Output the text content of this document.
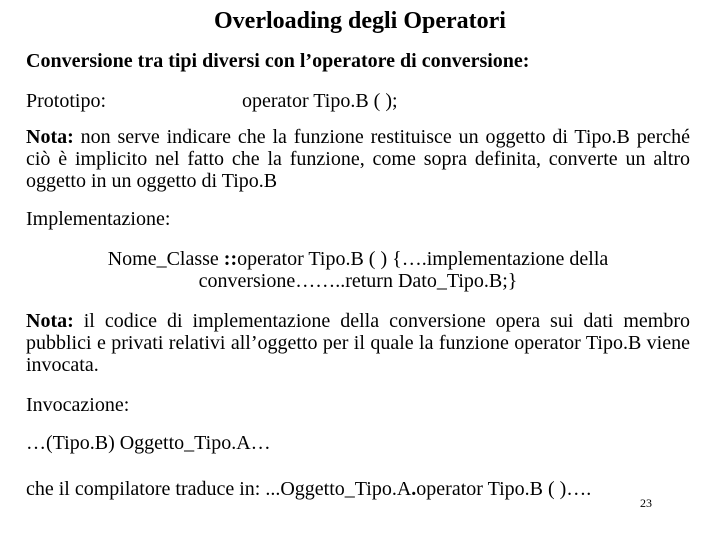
Overloading degli Operatori
Conversione tra tipi diversi con l’operatore di conversione:
Prototipo:	operator Tipo.B ( );
Nota: non serve indicare che la funzione restituisce un oggetto di Tipo.B perché ciò è implicito nel fatto che la funzione, come sopra definita, converte un altro oggetto in un oggetto di Tipo.B
Implementazione:
Nome_Classe ::operator Tipo.B ( ) {….implementazione della conversione……..return Dato_Tipo.B;}
Nota: il codice di implementazione della conversione opera sui dati membro pubblici e privati relativi all’oggetto per il quale la funzione operator Tipo.B viene invocata.
Invocazione:
…(Tipo.B) Oggetto_Tipo.A…
che il compilatore traduce in: ...Oggetto_Tipo.A.operator Tipo.B ( )….
23
